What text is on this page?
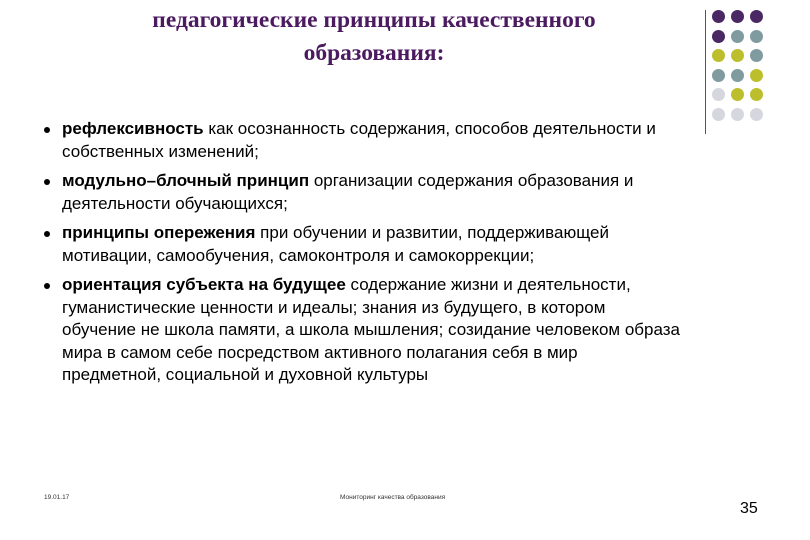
педагогические принципы качественного образования:
рефлексивность как осознанность содержания, способов деятельности и собственных изменений;
модульно–блочный принцип организации содержания образования и деятельности обучающихся;
принципы опережения при обучении и развитии, поддерживающей мотивации, самообучения, самоконтроля и самокоррекции;
ориентация субъекта на будущее содержание жизни и деятельности, гуманистические ценности и идеалы; знания из будущего, в котором обучение не школа памяти, а школа мышления; созидание человеком образа мира в самом себе посредством активного полагания себя в мир предметной, социальной и духовной культуры
19.01.17	Мониторинг качества образования
35
